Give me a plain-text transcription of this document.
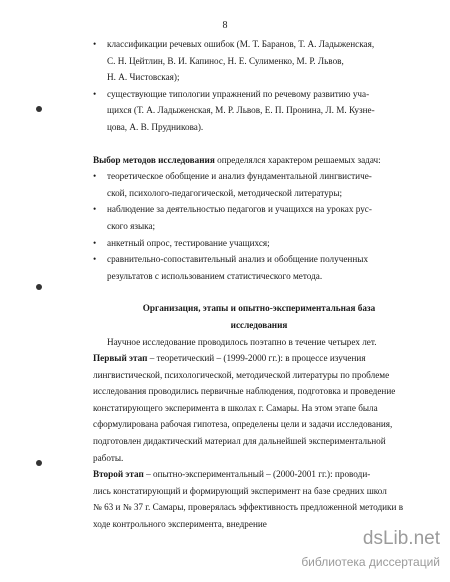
8
•	классификации речевых ошибок (М. Т. Баранов, Т. А. Ладыженская,
С. Н. Цейтлин, В. И. Капинос, Н. Е. Сулименко, М. Р. Львов,
Н. А. Чистовская);
•	существующие типологии упражнений по речевому развитию уча-
щихся (Т. А. Ладыженская, М. Р. Львов, Е. П. Пронина, Л. М. Кузне-
цова, А. В. Прудникова).
Выбор методов исследования определялся характером решаемых задач:
•	теоретическое обобщение и анализ фундаментальной лингвистиче-
ской, психолого-педагогической, методической литературы;
•	наблюдение за деятельностью педагогов и учащихся на уроках рус-
ского языка;
•	анкетный опрос, тестирование учащихся;
•	сравнительно-сопоставительный анализ и обобщение полученных
результатов с использованием статистического метода.
Организация, этапы и опытно-экспериментальная база
исследования
Научное исследование проводилось поэтапно в течение четырех лет.
Первый этап – теоретический – (1999-2000 гг.): в процессе изучения
лингвистической, психологической, методической литературы по проблеме
исследования проводились первичные наблюдения, подготовка и проведение
констатирующего эксперимента в школах г. Самары. На этом этапе была
сформулирована рабочая гипотеза, определены цели и задачи исследования,
подготовлен дидактический материал для дальнейшей экспериментальной
работы.
Второй этап – опытно-экспериментальный – (2000-2001 гг.): проводи-
лись констатирующий и формирующий эксперимент на базе средних школ
№ 63 и № 37 г. Самары, проверялась эффективность предложенной методики в
ходе контрольного эксперимента, внедрение
dsLib.net
библиотека диссертаций
